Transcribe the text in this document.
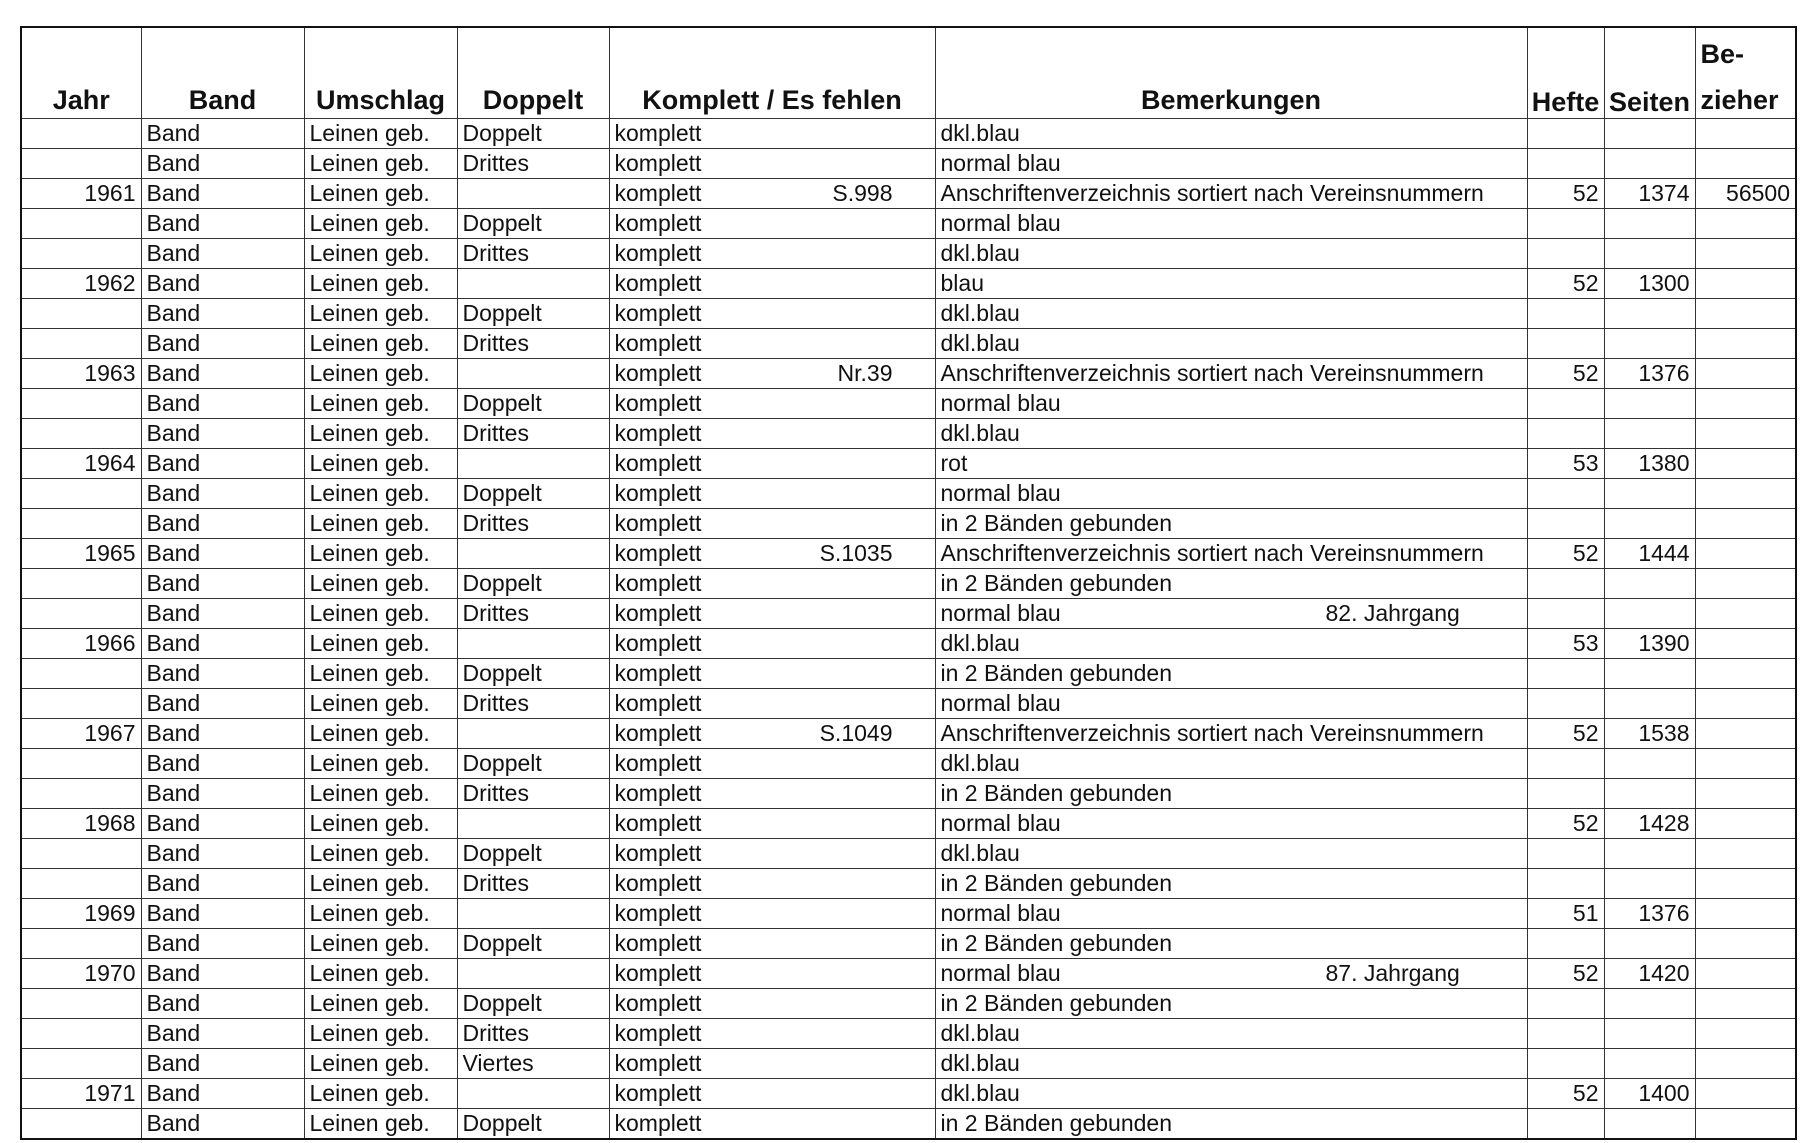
								Be-
Jahr	Band	Umschlag	Doppelt	Komplett / Es fehlen	Bemerkungen	Hefte	Seiten	zieher
	Band	Leinen geb.	Doppelt	komplett	dkl.blau

	Band	Leinen geb.	Drittes	komplett	normal blau

1961	Band	Leinen geb.		komplett S.998	Anschriftenverzeichnis sortiert nach Vereinsnummern	52	1374	56500
	Band	Leinen geb.	Doppelt	komplett	normal blau

	Band	Leinen geb.	Drittes	komplett	dkl.blau

1962	Band	Leinen geb.		komplett	blau	52	1300	
	Band	Leinen geb.	Doppelt	komplett	dkl.blau

	Band	Leinen geb.	Drittes	komplett	dkl.blau

1963	Band	Leinen geb.		komplett Nr.39	Anschriftenverzeichnis sortiert nach Vereinsnummern	52	1376	
	Band	Leinen geb.	Doppelt	komplett	normal blau

	Band	Leinen geb.	Drittes	komplett	dkl.blau

1964	Band	Leinen geb.		komplett	rot	53	1380	
	Band	Leinen geb.	Doppelt	komplett	normal blau

	Band	Leinen geb.	Drittes	komplett	in 2 Bänden gebunden

1965	Band	Leinen geb.		komplett S.1035	Anschriftenverzeichnis sortiert nach Vereinsnummern	52	1444	
	Band	Leinen geb.	Doppelt	komplett	in 2 Bänden gebunden

	Band	Leinen geb.	Drittes	komplett	normal blau 82. Jahrgang			

1966	Band	Leinen geb.		komplett	dkl.blau	53	1390	
	Band	Leinen geb.	Doppelt	komplett	in 2 Bänden gebunden

	Band	Leinen geb.	Drittes	komplett	normal blau

1967	Band	Leinen geb.		komplett S.1049	Anschriftenverzeichnis sortiert nach Vereinsnummern	52	1538	
	Band	Leinen geb.	Doppelt	komplett	dkl.blau

	Band	Leinen geb.	Drittes	komplett	in 2 Bänden gebunden

1968	Band	Leinen geb.		komplett	normal blau	52	1428	
	Band	Leinen geb.	Doppelt	komplett	dkl.blau

	Band	Leinen geb.	Drittes	komplett	in 2 Bänden gebunden

1969	Band	Leinen geb.		komplett	normal blau	51	1376	
	Band	Leinen geb.	Doppelt	komplett	in 2 Bänden gebunden

1970	Band	Leinen geb.		komplett	normal blau 87. Jahrgang	52	1420	
	Band	Leinen geb.	Doppelt	komplett	in 2 Bänden gebunden

	Band	Leinen geb.	Drittes	komplett	dkl.blau

	Band	Leinen geb.	Viertes	komplett	dkl.blau

1971	Band	Leinen geb.		komplett	dkl.blau	52	1400	
	Band	Leinen geb.	Doppelt	komplett	in 2 Bänden gebunden
